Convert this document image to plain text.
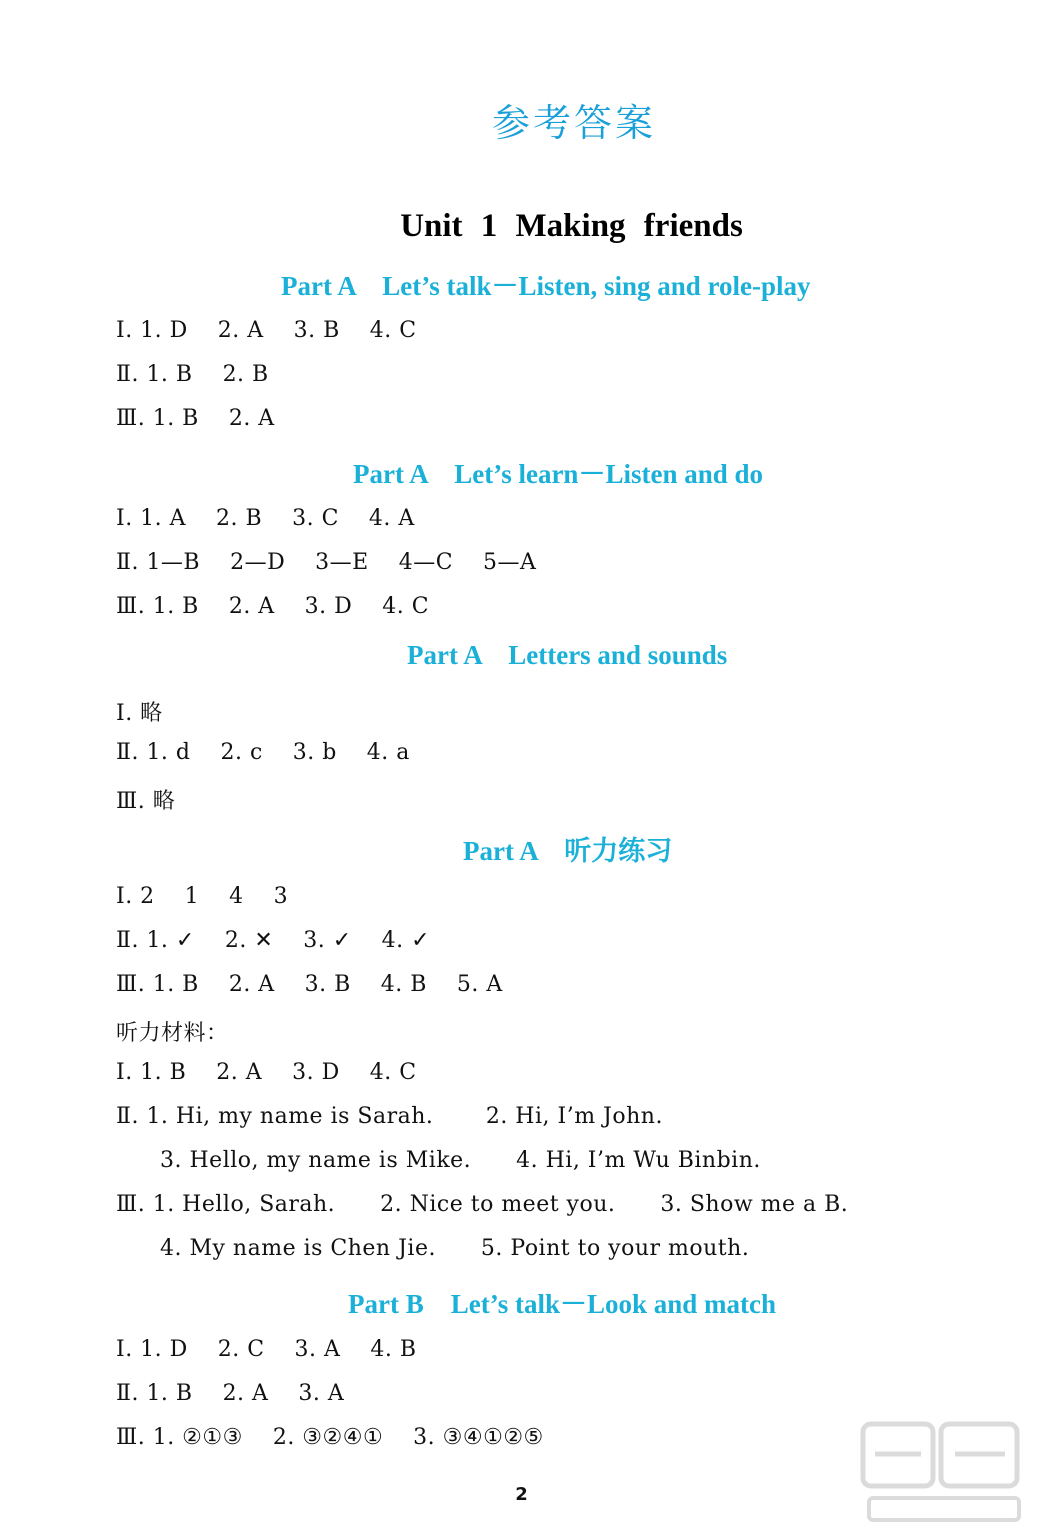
参考答案
Unit 1 Making friends
Part A    Let’s talk－Listen, sing and role-play
Ⅰ. 1. D    2. A    3. B    4. C
Ⅱ. 1. B    2. B
Ⅲ. 1. B    2. A
Part A    Let’s learn－Listen and do
Ⅰ. 1. A    2. B    3. C    4. A
Ⅱ. 1—B    2—D    3—E    4—C    5—A
Ⅲ. 1. B    2. A    3. D    4. C
Part A    Letters and sounds
Ⅰ. 略
Ⅱ. 1. d    2. c    3. b    4. a
Ⅲ. 略
Part A    听力练习
Ⅰ. 2    1    4    3
Ⅱ. 1. ✓    2. ✕    3. ✓    4. ✓
Ⅲ. 1. B    2. A    3. B    4. B    5. A
听力材料：
Ⅰ. 1. B    2. A    3. D    4. C
Ⅱ. 1. Hi, my name is Sarah.       2. Hi, I’m John.
3. Hello, my name is Mike.      4. Hi, I’m Wu Binbin.
Ⅲ. 1. Hello, Sarah.      2. Nice to meet you.      3. Show me a B.
4. My name is Chen Jie.      5. Point to your mouth.
Part B    Let’s talk－Look and match
Ⅰ. 1. D    2. C    3. A    4. B
Ⅱ. 1. B    2. A    3. A
Ⅲ. 1. ②①③    2. ③②④①    3. ③④①②⑤
2
